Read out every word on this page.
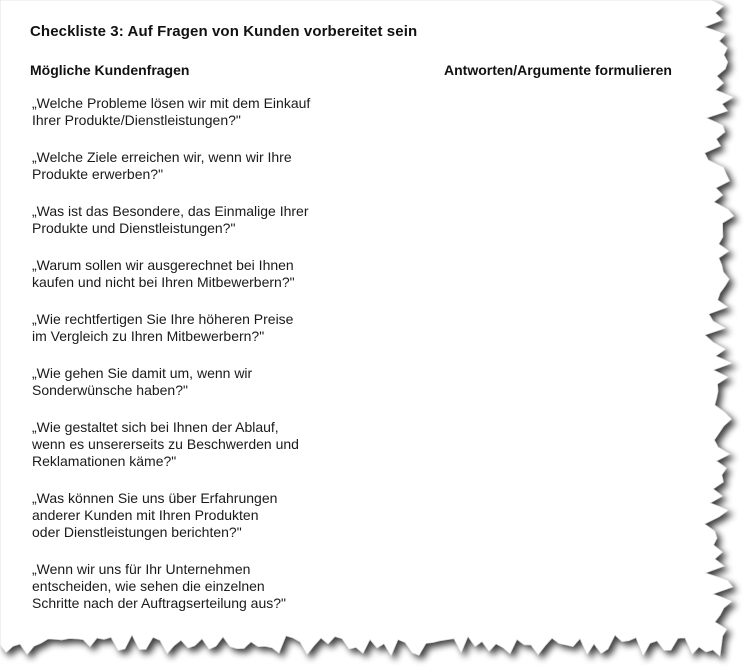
Checkliste 3: Auf Fragen von Kunden vorbereitet sein
Mögliche Kundenfragen	Antworten/Argumente formulieren
„Welche Probleme lösen wir mit dem Einkauf
Ihrer Produkte/Dienstleistungen?"
„Welche Ziele erreichen wir, wenn wir Ihre
Produkte erwerben?"
„Was ist das Besondere, das Einmalige Ihrer
Produkte und Dienstleistungen?"
„Warum sollen wir ausgerechnet bei Ihnen
kaufen und nicht bei Ihren Mitbewerbern?"
„Wie rechtfertigen Sie Ihre höheren Preise
im Vergleich zu Ihren Mitbewerbern?"
„Wie gehen Sie damit um, wenn wir
Sonderwünsche haben?"
„Wie gestaltet sich bei Ihnen der Ablauf,
wenn es unsererseits zu Beschwerden und
Reklamationen käme?"
„Was können Sie uns über Erfahrungen
anderer Kunden mit Ihren Produkten
oder Dienstleistungen berichten?"
„Wenn wir uns für Ihr Unternehmen
entscheiden, wie sehen die einzelnen
Schritte nach der Auftragserteilung aus?"
